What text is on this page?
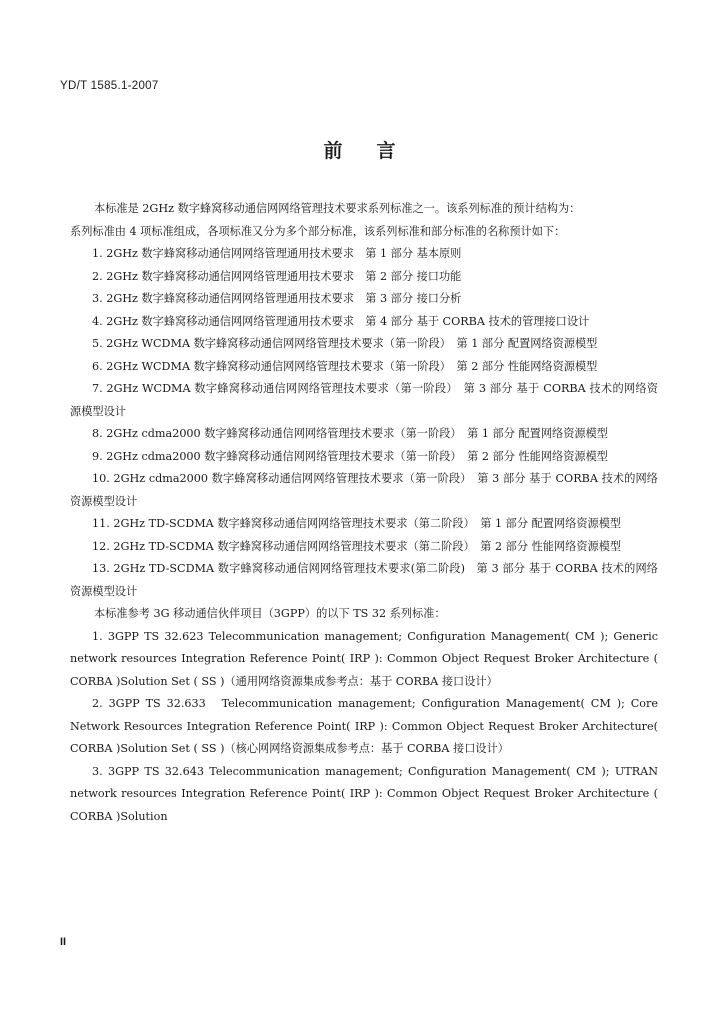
YD/T 1585.1-2007
前言

本标准是 2GHz 数字蜂窝移动通信网网络管理技术要求系列标准之一。该系列标准的预计结构为：

系列标准由 4 项标准组成，各项标准又分为多个部分标准，该系列标准和部分标准的名称预计如下：

1. 2GHz 数字蜂窝移动通信网网络管理通用技术要求　第 1 部分 基本原则

2. 2GHz 数字蜂窝移动通信网网络管理通用技术要求　第 2 部分 接口功能

3. 2GHz 数字蜂窝移动通信网网络管理通用技术要求　第 3 部分 接口分析

4. 2GHz 数字蜂窝移动通信网网络管理通用技术要求　第 4 部分 基于 CORBA 技术的管理接口设计

5. 2GHz WCDMA 数字蜂窝移动通信网网络管理技术要求（第一阶段）　第 1 部分 配置网络资源模型

6. 2GHz WCDMA 数字蜂窝移动通信网网络管理技术要求（第一阶段）　第 2 部分 性能网络资源模型

7. 2GHz WCDMA 数字蜂窝移动通信网网络管理技术要求（第一阶段）　第 3 部分 基于 CORBA 技术的网络资源模型设计

8. 2GHz cdma2000 数字蜂窝移动通信网网络管理技术要求（第一阶段）　第 1 部分 配置网络资源模型

9. 2GHz cdma2000 数字蜂窝移动通信网网络管理技术要求（第一阶段）　第 2 部分 性能网络资源模型

10. 2GHz cdma2000 数字蜂窝移动通信网网络管理技术要求（第一阶段）　第 3 部分 基于 CORBA 技术的网络资源模型设计

11. 2GHz TD-SCDMA 数字蜂窝移动通信网网络管理技术要求（第二阶段）　第 1 部分 配置网络资源模型

12. 2GHz TD-SCDMA 数字蜂窝移动通信网网络管理技术要求（第二阶段）　第 2 部分 性能网络资源模型

13. 2GHz TD-SCDMA 数字蜂窝移动通信网网络管理技术要求(第二阶段)　第 3 部分 基于 CORBA 技术的网络资源模型设计

本标准参考 3G 移动通信伙伴项目（3GPP）的以下 TS 32 系列标准：

1. 3GPP TS 32.623 Telecommunication management; Configuration Management( CM ); Generic network resources Integration Reference Point( IRP ): Common Object Request Broker Architecture ( CORBA )Solution Set ( SS )（通用网络资源集成参考点：基于 CORBA 接口设计）

2. 3GPP TS 32.633　Telecommunication management; Configuration Management( CM ); Core Network Resources Integration Reference Point( IRP ): Common Object Request Broker Architecture( CORBA )Solution Set ( SS )（核心网网络资源集成参考点：基于 CORBA 接口设计）

3. 3GPP TS 32.643 Telecommunication management; Configuration Management( CM ); UTRAN network resources Integration Reference Point( IRP ): Common Object Request Broker Architecture ( CORBA )Solution

II
